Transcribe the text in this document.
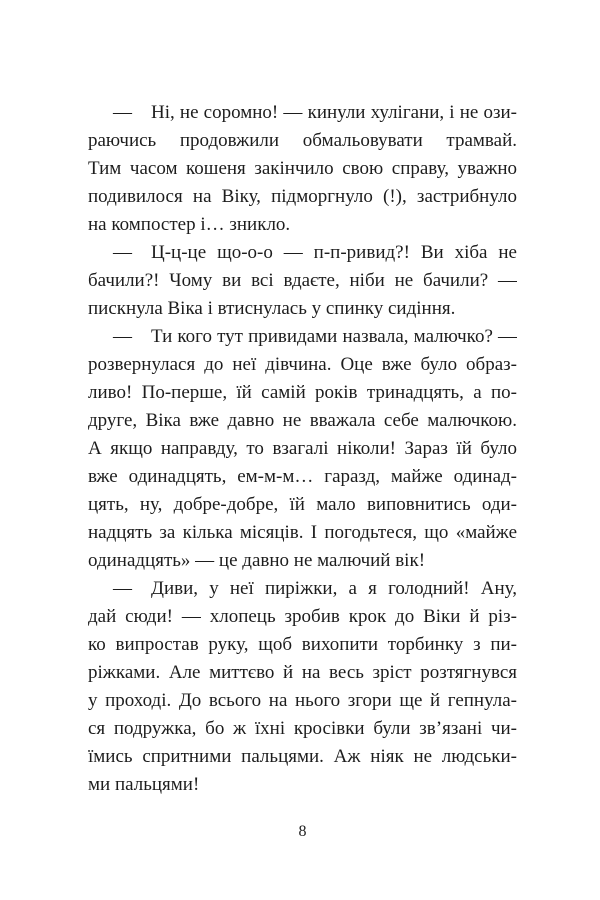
— Ні, не соромно! — кинули хулігани, і не ози-
раючись продовжили обмальовувати трамвай.
Тим часом кошеня закінчило свою справу, уважно
подивилося на Віку, підморгнуло (!), застрибнуло
на компостер і… зникло.
— Ц-ц-це що-о-о — п-п-ривид?! Ви хіба не
бачили?! Чому ви всі вдаєте, ніби не бачили? —
пискнула Віка і втиснулась у спинку сидіння.
— Ти кого тут привидами назвала, малючко? —
розвернулася до неї дівчина. Оце вже було образ-
ливо! По-перше, їй самій років тринадцять, а по-
друге, Віка вже давно не вважала себе малючкою.
А якщо направду, то взагалі ніколи! Зараз їй було
вже одинадцять, ем-м-м… гаразд, майже одинад-
цять, ну, добре-добре, їй мало виповнитись оди-
надцять за кілька місяців. І погодьтеся, що «майже
одинадцять» — це давно не малючий вік!
— Диви, у неї пиріжки, а я голодний! Ану,
дай сюди! — хлопець зробив крок до Віки й різ-
ко випростав руку, щоб вихопити торбинку з пи-
ріжками. Але миттєво й на весь зріст розтягнувся
у проході. До всього на нього згори ще й гепнула-
ся подружка, бо ж їхні кросівки були зв’язані чи-
їмись спритними пальцями. Аж ніяк не людськи-
ми пальцями!
8
